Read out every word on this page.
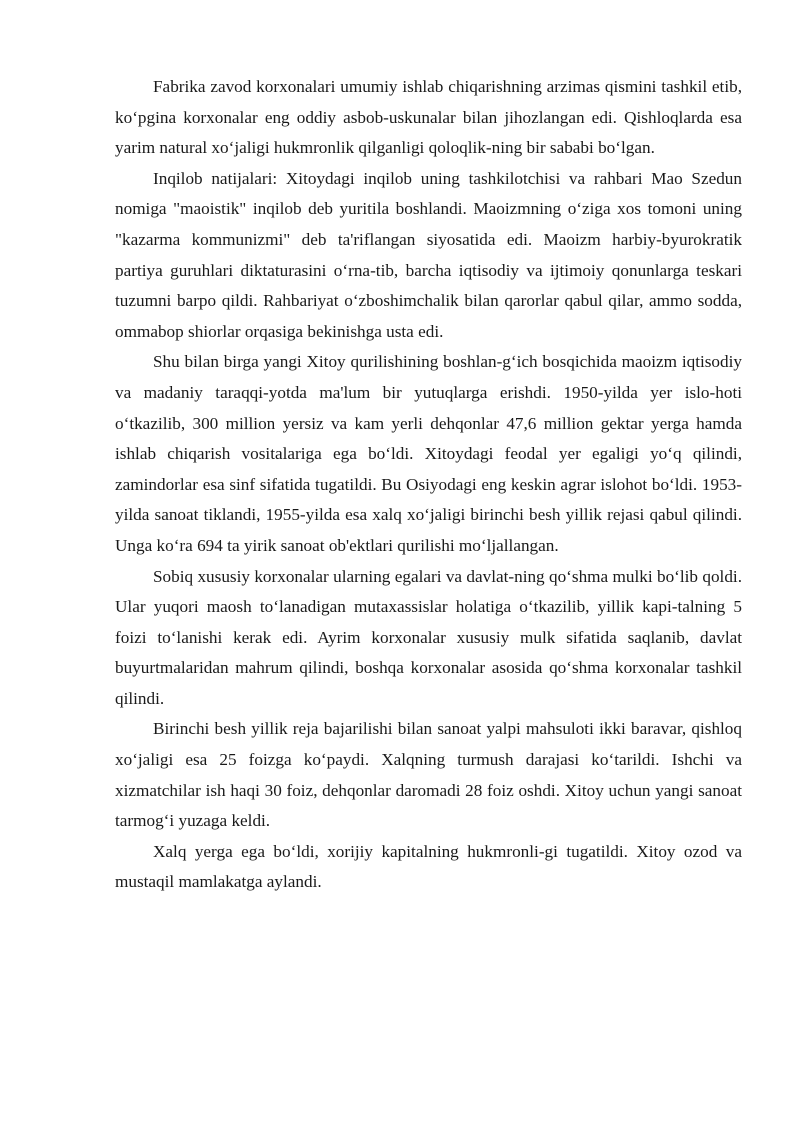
Fabrika zavod korxonalari umumiy ishlab chiqarishning arzimas qismini tashkil etib, ko‘pgina korxonalar eng oddiy asbob-uskunalar bilan jihozlangan edi. Qishloqlarda esa yarim natural xo‘jaligi hukmronlik qilganligi qoloqlik-ning bir sababi bo‘lgan.

Inqilob natijalari: Xitoydagi inqilob uning tashkilotchisi va rahbari Mao Szedun nomiga "maoistik" inqilob deb yuritila boshlandi. Maoizmning o‘ziga xos tomoni uning "kazarma kommunizmi" deb ta'riflangan siyosatida edi. Maoizm harbiy-byurokratik partiya guruhlari diktaturasini o‘rna-tib, barcha iqtisodiy va ijtimoiy qonunlarga teskari tuzumni barpo qildi. Rahbariyat o‘zboshimchalik bilan qarorlar qabul qilar, ammo sodda, ommabop shiorlar orqasiga bekinishga usta edi.

Shu bilan birga yangi Xitoy qurilishining boshlan-g‘ich bosqichida maoizm iqtisodiy va madaniy taraqqi-yotda ma'lum bir yutuqlarga erishdi. 1950-yilda yer islo-hoti o‘tkazilib, 300 million yersiz va kam yerli dehqonlar 47,6 million gektar yerga hamda ishlab chiqarish vositalariga ega bo‘ldi. Xitoydagi feodal yer egaligi yo‘q qilindi, zamindorlar esa sinf sifatida tugatildi. Bu Osiyodagi eng keskin agrar islohot bo‘ldi. 1953-yilda sanoat tiklandi, 1955-yilda esa xalq xo‘jaligi birinchi besh yillik rejasi qabul qilindi. Unga ko‘ra 694 ta yirik sanoat ob'ektlari qurilishi mo‘ljallangan.

Sobiq xususiy korxonalar ularning egalari va davlat-ning qo‘shma mulki bo‘lib qoldi. Ular yuqori maosh to‘lanadigan mutaxassislar holatiga o‘tkazilib, yillik kapi-talning 5 foizi to‘lanishi kerak edi. Ayrim korxonalar xususiy mulk sifatida saqlanib, davlat buyurtmalaridan mahrum qilindi, boshqa korxonalar asosida qo‘shma korxonalar tashkil qilindi.

Birinchi besh yillik reja bajarilishi bilan sanoat yalpi mahsuloti ikki baravar, qishloq xo‘jaligi esa 25 foizga ko‘paydi. Xalqning turmush darajasi ko‘tarildi. Ishchi va xizmatchilar ish haqi 30 foiz, dehqonlar daromadi 28 foiz oshdi. Xitoy uchun yangi sanoat tarmog‘i yuzaga keldi.

Xalq yerga ega bo‘ldi, xorijiy kapitalning hukmronli-gi tugatildi. Xitoy ozod va mustaqil mamlakatga aylandi.
